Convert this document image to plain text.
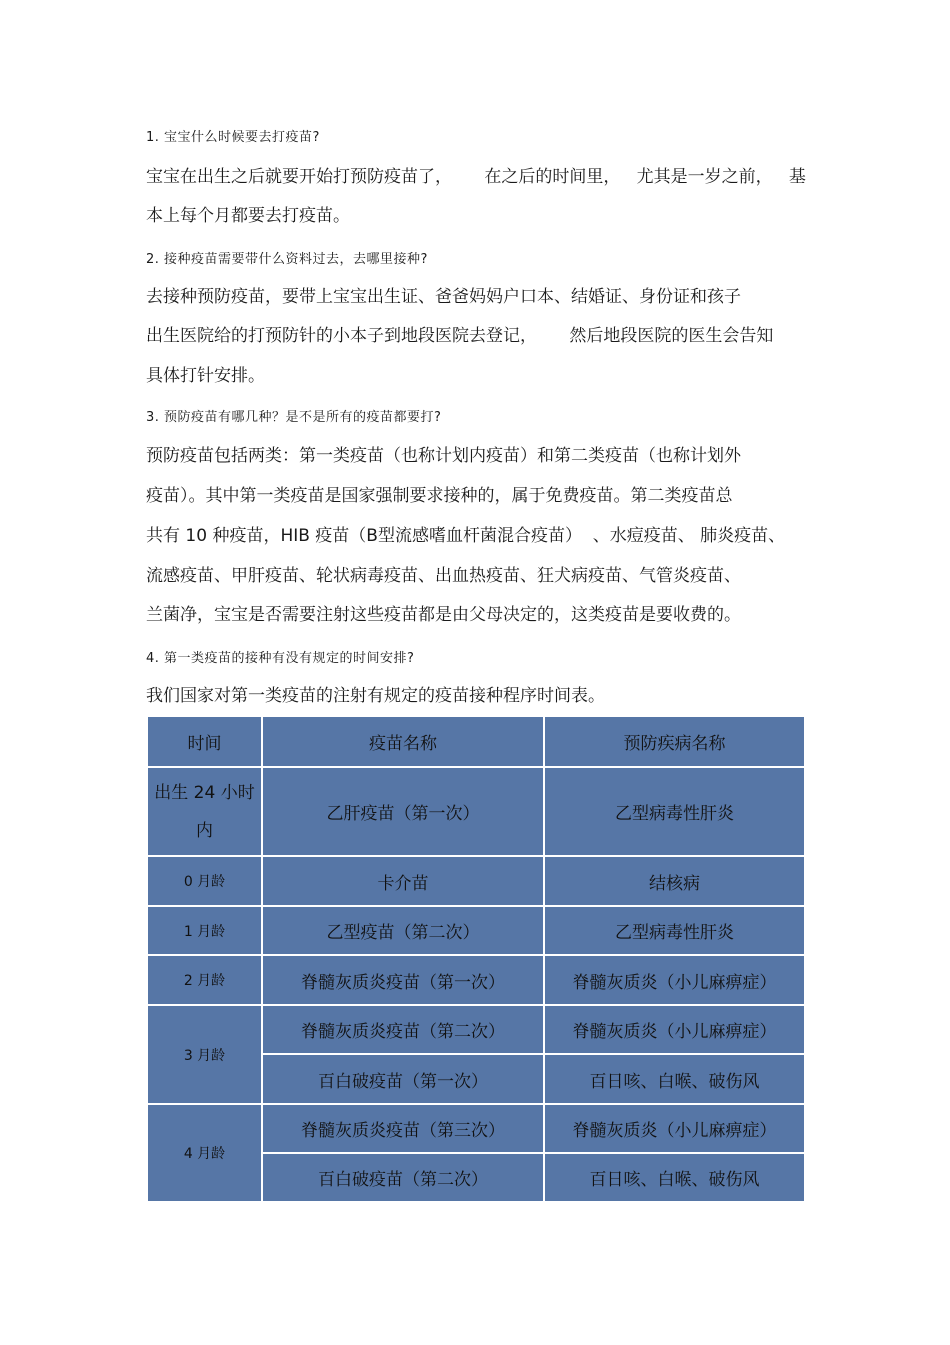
1. 宝宝什么时候要去打疫苗?
宝宝在出生之后就要开始打预防疫苗了，      在之后的时间里，   尤其是一岁之前，   基
本上每个月都要去打疫苗。
2. 接种疫苗需要带什么资料过去，去哪里接种?
去接种预防疫苗，要带上宝宝出生证、爸爸妈妈户口本、结婚证、身份证和孩子
出生医院给的打预防针的小本子到地段医院去登记，      然后地段医院的医生会告知
具体打针安排。
3. 预防疫苗有哪几种？是不是所有的疫苗都要打?
预防疫苗包括两类：第一类疫苗（也称计划内疫苗）和第二类疫苗（也称计划外
疫苗）。其中第一类疫苗是国家强制要求接种的，属于免费疫苗。第二类疫苗总
共有 10 种疫苗，HIB 疫苗（B型流感嗜血杆菌混合疫苗）  、水痘疫苗、 肺炎疫苗、
流感疫苗、甲肝疫苗、轮状病毒疫苗、出血热疫苗、狂犬病疫苗、气管炎疫苗、
兰菌净，宝宝是否需要注射这些疫苗都是由父母决定的，这类疫苗是要收费的。
4. 第一类疫苗的接种有没有规定的时间安排?
我们国家对第一类疫苗的注射有规定的疫苗接种程序时间表。
时间	疫苗名称	预防疾病名称
出生 24 小时内	乙肝疫苗（第一次）	乙型病毒性肝炎
0 月龄	卡介苗	结核病
1 月龄	乙型疫苗（第二次）	乙型病毒性肝炎
2 月龄	脊髓灰质炎疫苗（第一次）	脊髓灰质炎（小儿麻痹症）
3 月龄	脊髓灰质炎疫苗（第二次）	脊髓灰质炎（小儿麻痹症）
	百白破疫苗（第一次）	百日咳、白喉、破伤风
4 月龄	脊髓灰质炎疫苗（第三次）	脊髓灰质炎（小儿麻痹症）
	百白破疫苗（第二次）	百日咳、白喉、破伤风
